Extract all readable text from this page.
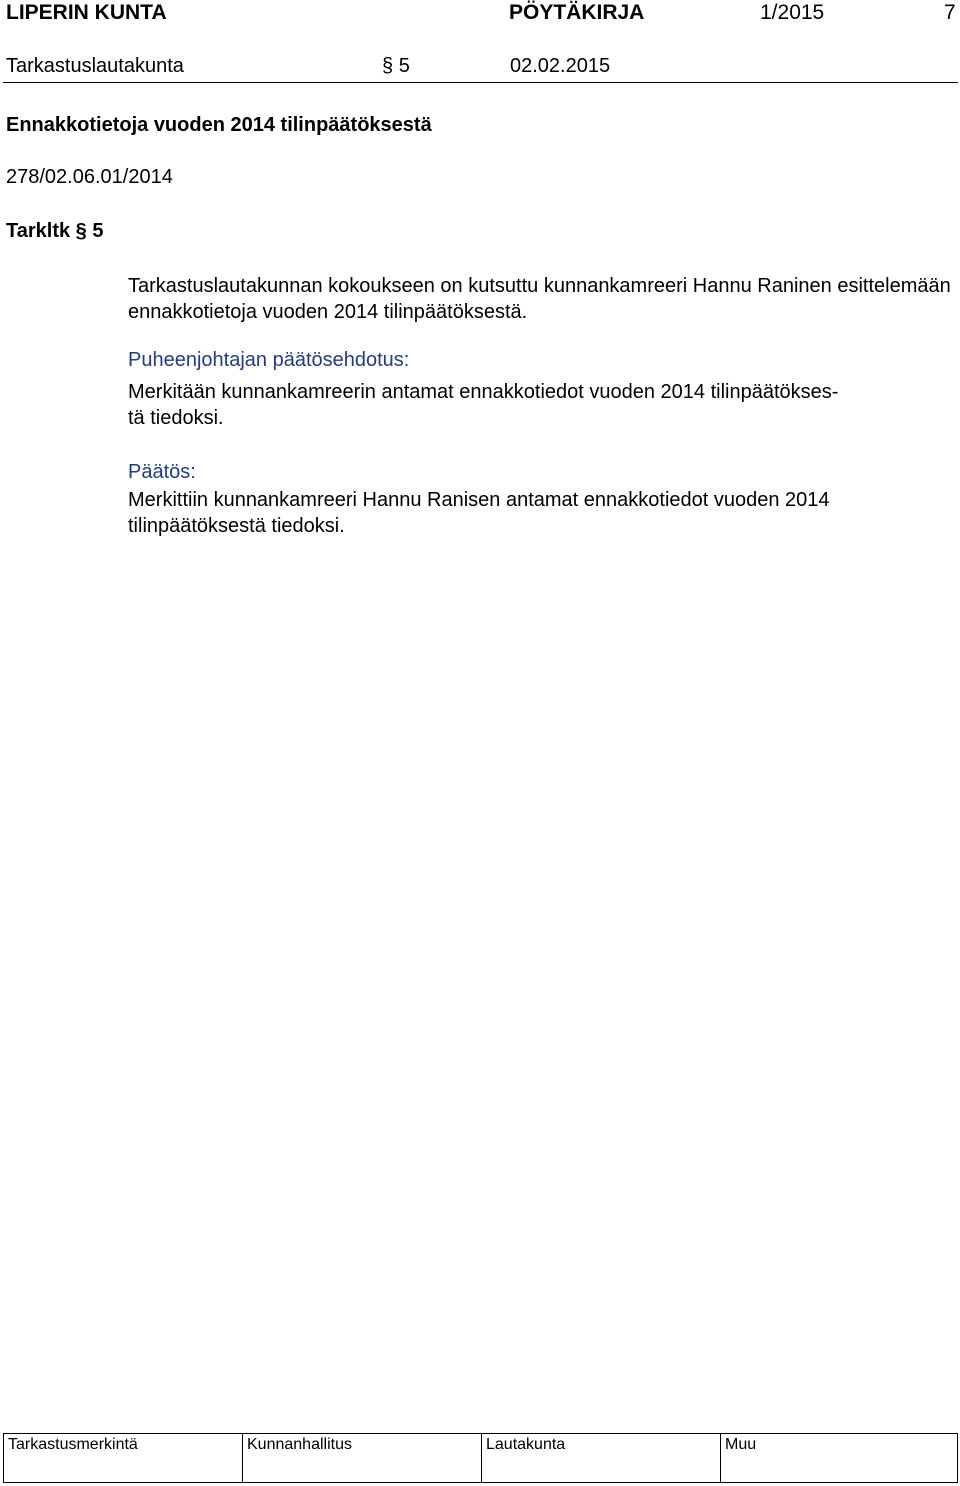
LIPERIN KUNTA	PÖYTÄKIRJA	1/2015	7
Tarkastuslautakunta	§ 5	02.02.2015
Ennakkotietoja vuoden 2014 tilinpäätöksestä
278/02.06.01/2014
Tarkltk § 5
Tarkastuslautakunnan kokoukseen on kutsuttu kunnankamreeri Hannu Raninen esittelemään ennakkotietoja vuoden 2014 tilinpäätöksestä.
Puheenjohtajan päätösehdotus:
Merkitään kunnankamreerin antamat ennakkotiedot vuoden 2014 tilinpäätökses-
tä tiedoksi.
Päätös:
Merkittiin kunnankamreeri Hannu Ranisen antamat ennakkotiedot vuoden 2014
tilinpäätöksestä tiedoksi.
Tarkastusmerkintä	Kunnanhallitus	Lautakunta	Muu
